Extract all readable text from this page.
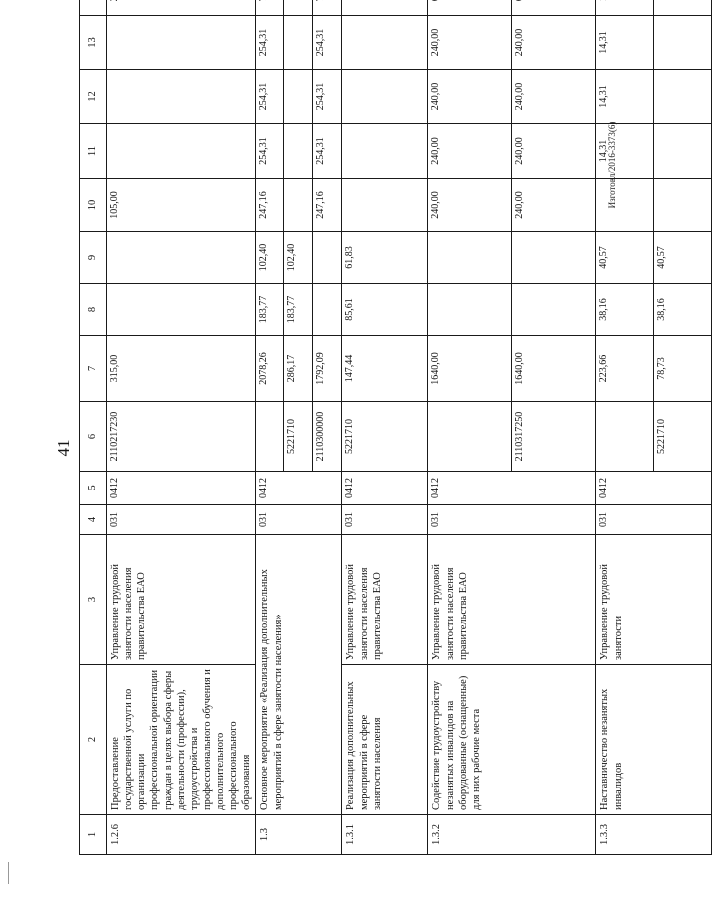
41
Изготовл/2016-3373(6)
1	2	3	4	5	6	7	8	9	10	11	12	13	
1.2.6	Предоставление государственной услуги по организации профессиональной ориентации граждан в целях выбора сферы деятельности (профессии), трудоустройства и профессионального обучения и дополнительного профессионального образования	Управление трудовой занятости населения правительства ЕАО	031	0412	2110217230	315,00			105,00				
1.3	Основное мероприятие «Реализация дополнительных мероприятий в сфере занятости населения»		031	0412		2078,26	183,77	102,40	247,16	254,31	254,31	254,31	
					5221710	286,17	183,77	102,40					
					2110300000	1792,09			247,16	254,31	254,31	254,31	
1.3.1	Реализация дополнительных мероприятий в сфере занятости населения	Управление трудовой занятости населения правительства ЕАО	031	0412	5221710	147,44	85,61	61,83					
1.3.2	Содействие трудоустройству незанятых инвалидов на оборудованные (оснащенные) для них рабочие места	Управление трудовой занятости населения правительства ЕАО	031	0412		1640,00			240,00	240,00	240,00	240,00	
					2110317250	1640,00			240,00	240,00	240,00	240,00	
1.3.3	Наставничество незанятых инвалидов	Управление трудовой занятости	031	0412		223,66	38,16	40,57		14,31	14,31	14,31	
					5221710	78,73	38,16	40,57					
